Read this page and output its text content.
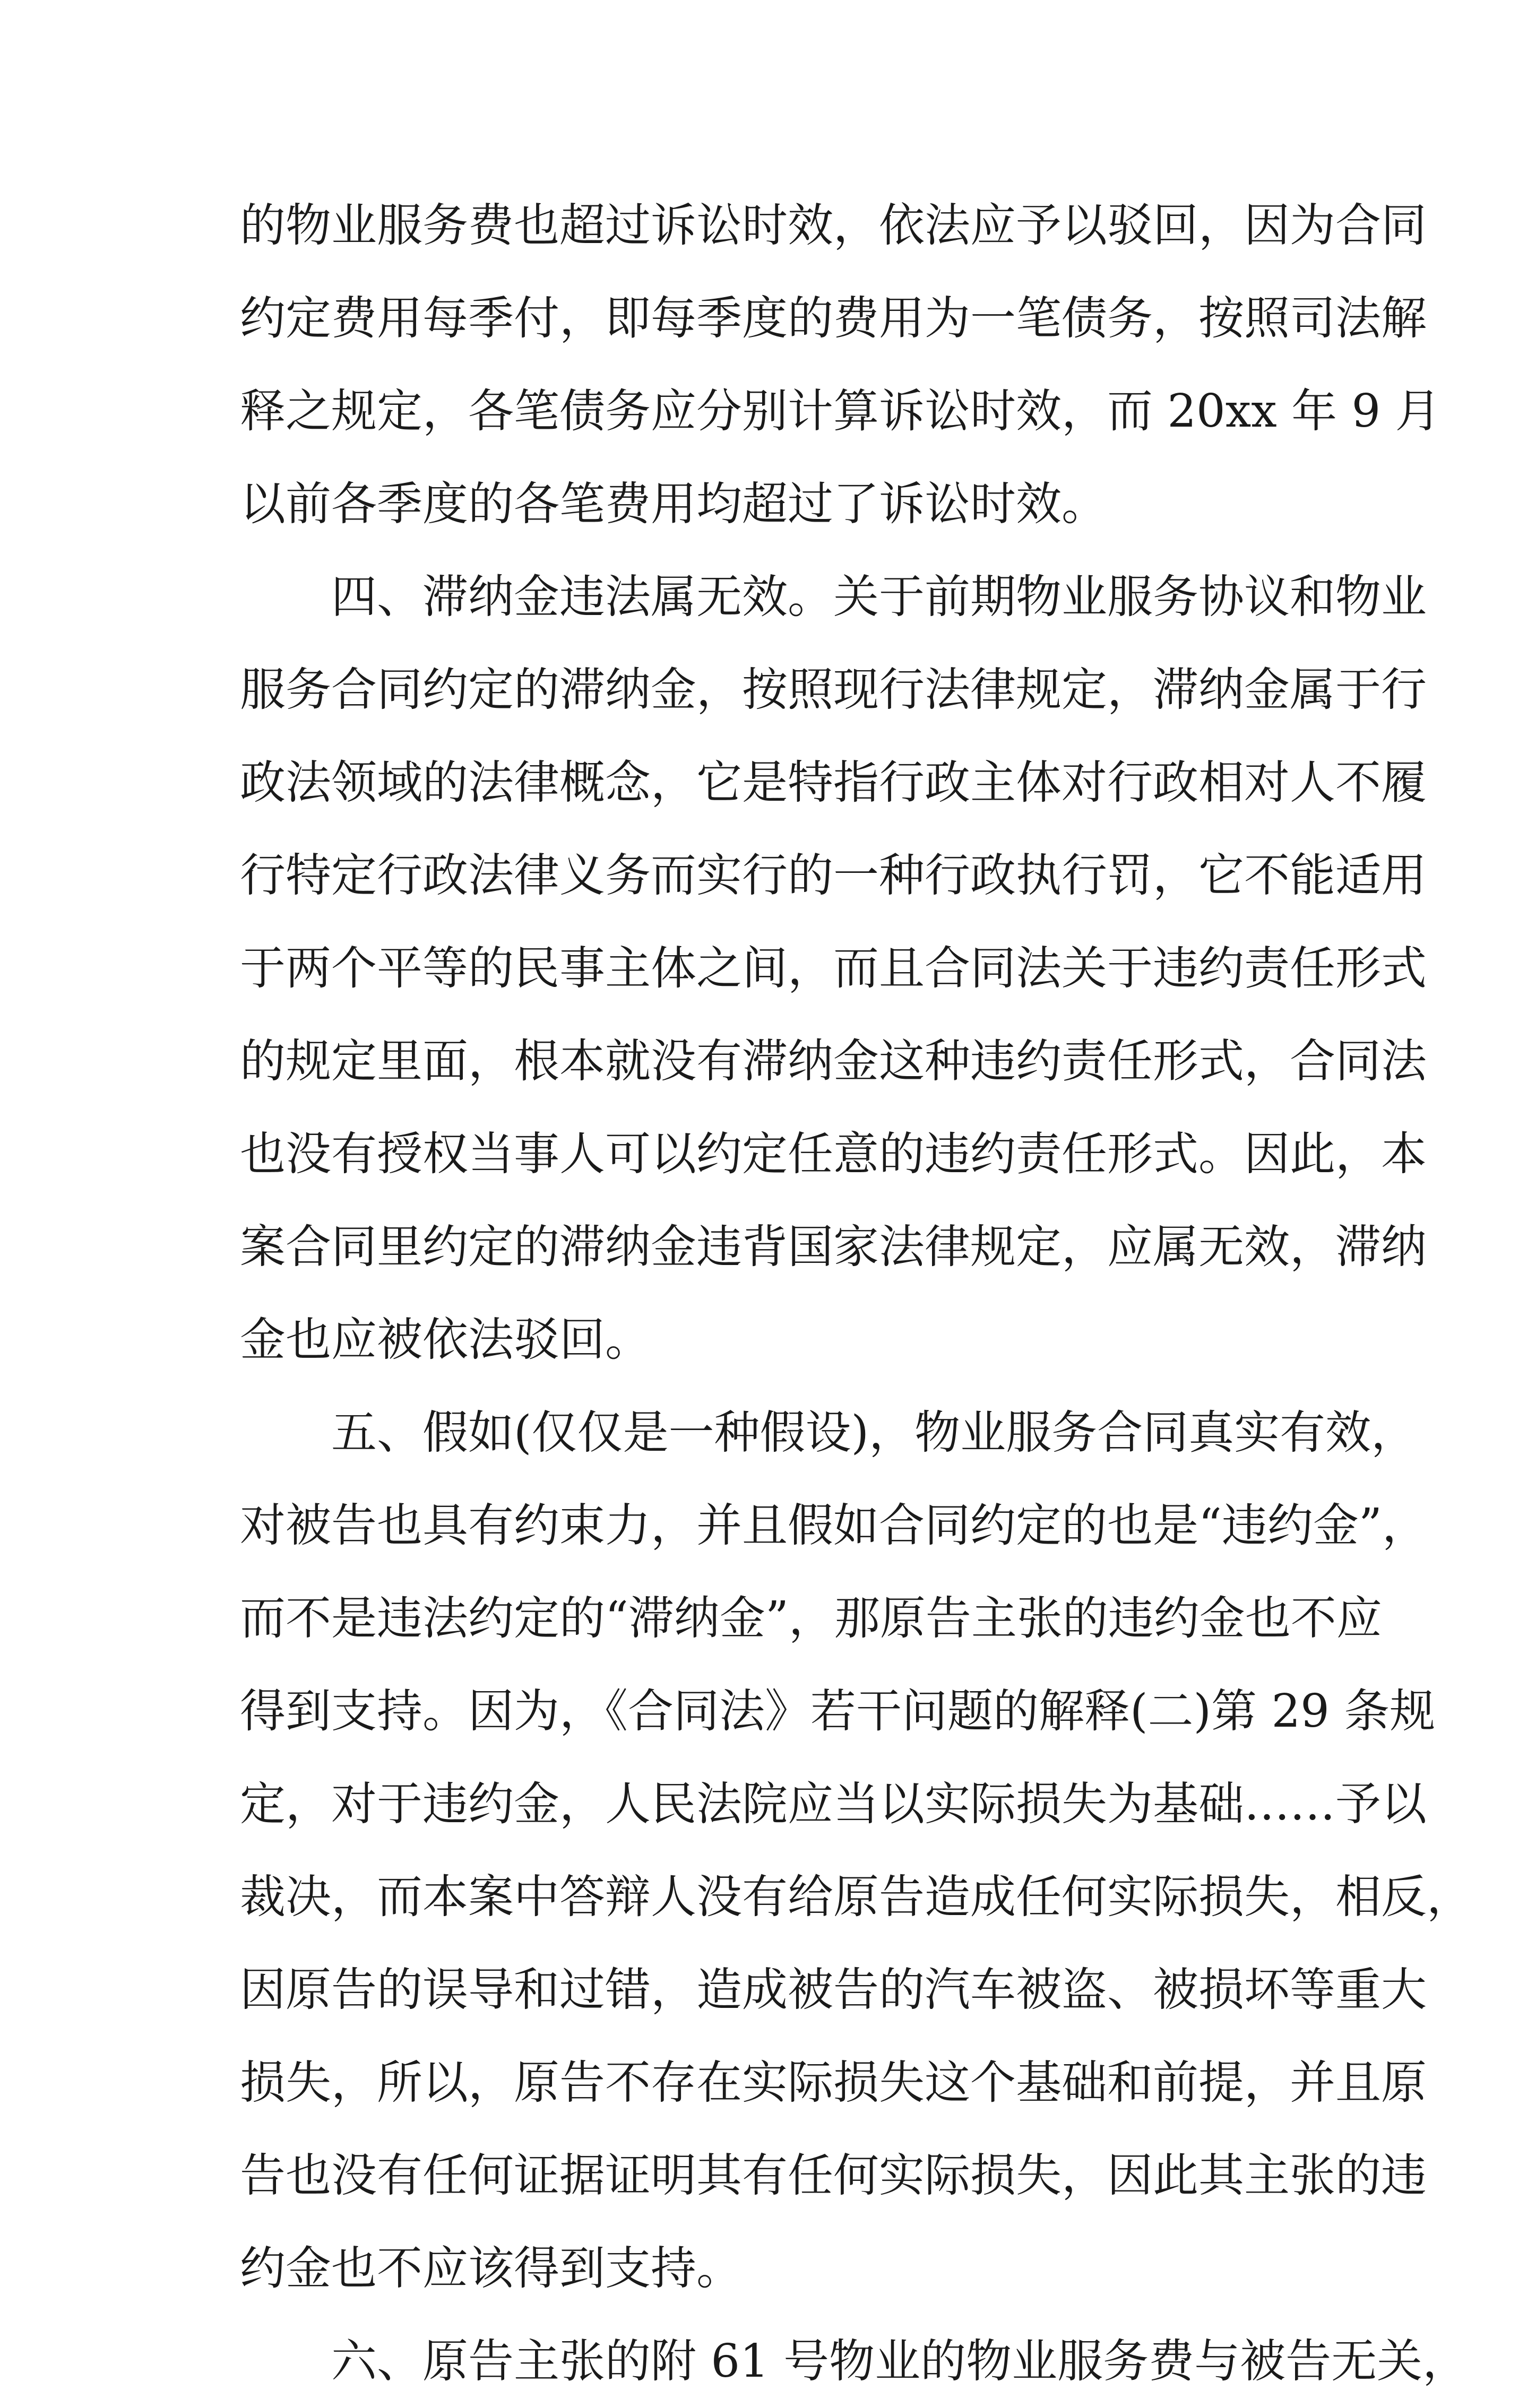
的物业服务费也超过诉讼时效，依法应予以驳回，因为合同
约定费用每季付，即每季度的费用为一笔债务，按照司法解
释之规定，各笔债务应分别计算诉讼时效，而 20xx 年 9 月
以前各季度的各笔费用均超过了诉讼时效。
四、滞纳金违法属无效。关于前期物业服务协议和物业
服务合同约定的滞纳金，按照现行法律规定，滞纳金属于行
政法领域的法律概念，它是特指行政主体对行政相对人不履
行特定行政法律义务而实行的一种行政执行罚，它不能适用
于两个平等的民事主体之间，而且合同法关于违约责任形式
的规定里面，根本就没有滞纳金这种违约责任形式，合同法
也没有授权当事人可以约定任意的违约责任形式。因此，本
案合同里约定的滞纳金违背国家法律规定，应属无效，滞纳
金也应被依法驳回。
五、假如(仅仅是一种假设)，物业服务合同真实有效，
对被告也具有约束力，并且假如合同约定的也是“违约金”，
而不是违法约定的“滞纳金”，那原告主张的违约金也不应
得到支持。因为，《合同法》若干问题的解释(二)第 29 条规
定，对于违约金，人民法院应当以实际损失为基础……予以
裁决，而本案中答辩人没有给原告造成任何实际损失，相反，
因原告的误导和过错，造成被告的汽车被盗、被损坏等重大
损失，所以，原告不存在实际损失这个基础和前提，并且原
告也没有任何证据证明其有任何实际损失，因此其主张的违
约金也不应该得到支持。
六、原告主张的附 61 号物业的物业服务费与被告无关，
